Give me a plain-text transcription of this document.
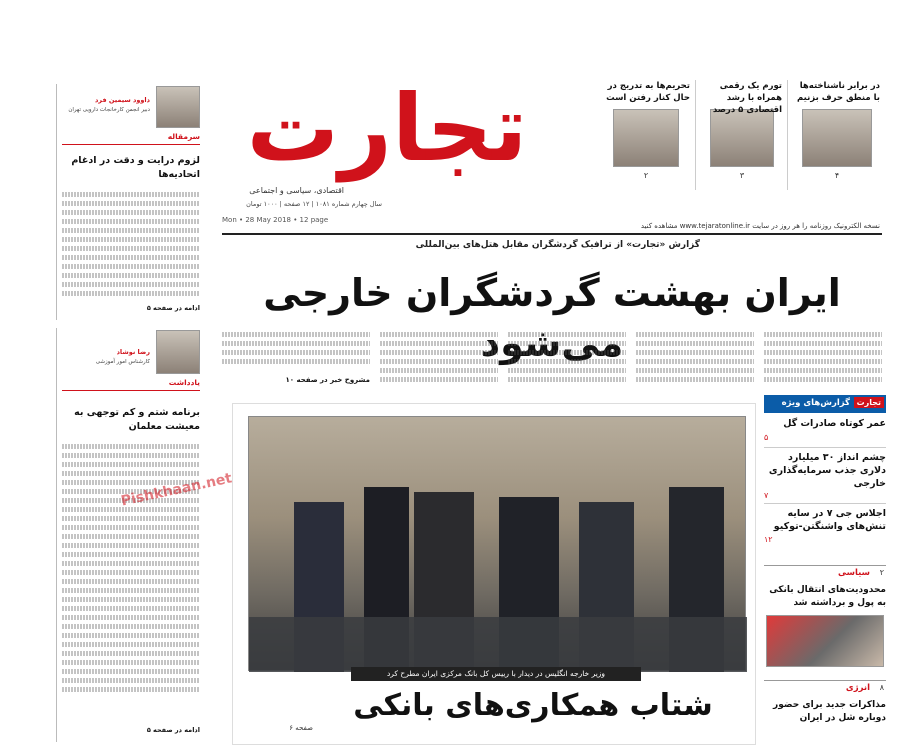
در برابر ناشناخته‌ها با منطق حرف بزنیم
۴
تورم یک رقمی همراه با رشد اقتصادی ۵ درصد
۳
تحریم‌ها به تدریج در حال کنار رفتن است
۲
تجارت
اقتصادی، سیاسی و اجتماعی
سال چهارم شماره ۱۰۸۱ | ۱۲ صفحه | ۱۰۰۰ تومان
Mon • 28 May 2018 • 12 page
نسخه الکترونیک روزنامه را هر روز در سایت www.tejaratonline.ir مشاهده کنید
گزارش «تجارت» از ترافیک گردشگران مقابل هتل‌های بین‌المللی
ایران بهشت گردشگران خارجی می‌شود
مشروح خبر در صفحه ۱۰
وزیر خارجه انگلیس در دیدار با رییس کل بانک مرکزی ایران مطرح کرد
شتاب همکاری‌های بانکی
صفحه ۶
تجارت
گزارش‌های ویژه
عمر کوتاه صادرات گل
۵
چشم انداز ۳۰ میلیارد دلاری جذب سرمایه‌گذاری خارجی
۷
اجلاس جی ۷ در سایه تنش‌های واشنگتن-توکیو
۱۲
۲
سیاسی
محدودیت‌های انتقال بانکی به پول و برداشته شد
۸
انرژی
مذاکرات جدید برای حضور دوباره شل در ایران
داوود سیمین فرد
دبیر انجمن کارخانجات دارویی تهران
سرمقاله
لزوم درایت و دقت در ادغام اتحادیه‌ها
ادامه در صفحه ۵
رضا نوشاد
کارشناس امور آموزشی
یادداشت
برنامه شتم و کم توجهی به معیشت معلمان
ادامه در صفحه ۵
Pishkhaan.net
